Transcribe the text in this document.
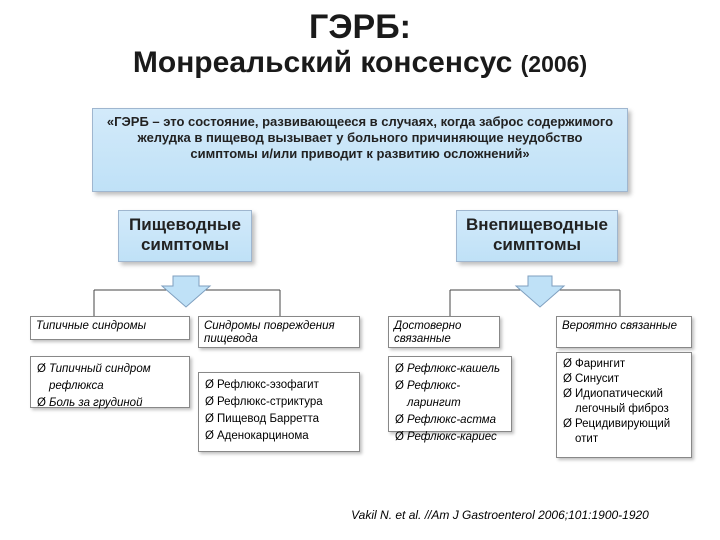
ГЭРБ:
Монреальский консенсус (2006)
«ГЭРБ – это состояние, развивающееся в случаях, когда заброс содержимого желудка в пищевод вызывает у больного причиняющие неудобство симптомы и/или приводит к развитию осложнений»
Пищеводные симптомы
Внепищеводные симптомы
Типичные синдромы
Ø Типичный синдром рефлюкса
Ø Боль за грудиной
Синдромы повреждения пищевода
Ø Рефлюкс-эзофагит
Ø Рефлюкс-стриктура
Ø Пищевод Барретта
Ø Аденокарцинома
Достоверно связанные
Ø Рефлюкс-кашель
Ø Рефлюкс-ларингит
Ø Рефлюкс-астма
Ø Рефлюкс-кариес
Вероятно связанные
Ø Фарингит
Ø Синусит
Ø Идиопатический легочный фиброз
Ø Рецидивирующий отит
Vakil N. et al. //Am J Gastroenterol 2006;101:1900-1920
